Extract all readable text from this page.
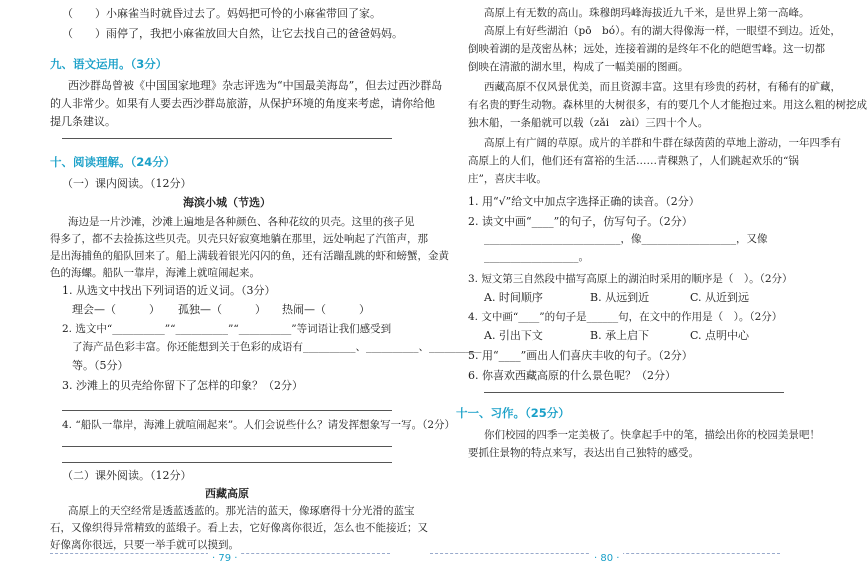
（　　）小麻雀当时就昏过去了。妈妈把可怜的小麻雀带回了家。
（　　）雨停了，我把小麻雀放回大自然，让它去找自己的爸爸妈妈。
九、语文运用。（3分）
西沙群岛曾被《中国国家地理》杂志评选为“中国最美海岛”，但去过西沙群岛
的人非常少。如果有人要去西沙群岛旅游，从保护环境的角度来考虑，请你给他
提几条建议。
十、阅读理解。（24分）
（一）课内阅读。（12分）
海滨小城（节选）
海边是一片沙滩，沙滩上遍地是各种颜色、各种花纹的贝壳。这里的孩子见
得多了，都不去捡拣这些贝壳。贝壳只好寂寞地躺在那里，远处响起了汽笛声，那
是出海捕鱼的船队回来了。船上满载着银光闪闪的鱼，还有活蹦乱跳的虾和螃蟹，金黄
色的海螺。船队一靠岸，海滩上就喧闹起来。
1. 从选文中找出下列词语的近义词。（3分）
理会—（　　　） 孤独—（　　　） 热闹—（　　　）
2. 选文中“__________”“__________”“__________”等词语让我们感受到
了海产品色彩丰富。你还能想到关于色彩的成语有__________、__________、__________
等。（5分）
3. 沙滩上的贝壳给你留下了怎样的印象？（2分）
4. “船队一靠岸，海滩上就喧闹起来”。人们会说些什么？请发挥想象写一写。（2分）
（二）课外阅读。（12分）
西藏高原
高原上的天空经常是透蓝透蓝的。那光洁的蓝天，像琢磨得十分光滑的蓝宝
石，又像织得异常精致的蓝缎子。看上去，它好像离你很近，怎么也不能接近；又
好像离你很远，只要一举手就可以摸到。
· 79 ·
高原上有无数的高山。珠穆朗玛峰海拔近九千米，是世界上第一高峰。
高原上有好些湖泊（pō　bó）。有的湖大得像海一样，一眼望不到边。近处，
倒映着湖的是茂密丛林；远处，连接着湖的是终年不化的皑皑雪峰。这一切都
倒映在清澈的湖水里，构成了一幅美丽的图画。
西藏高原不仅风景优美，而且资源丰富。这里有珍贵的药材，有稀有的矿藏，
有名贵的野生动物。森林里的大树很多，有的要几个人才能抱过来。用这么粗的树挖成
独木船，一条船就可以载（zǎi　zài）三四十个人。
高原上有广阔的草原。成片的羊群和牛群在绿茵茵的草地上游动，一年四季有
高原上的人们，他们还有富裕的生活……青稞熟了，人们跳起欢乐的“锅
庄”，喜庆丰收。
1. 用“√”给文中加点字选择正确的读音。（2分）
2. 读文中画“____”的句子，仿写句子。（2分）
__________________________，像__________________，又像
__________________。
3. 短文第三自然段中描写高原上的湖泊时采用的顺序是（　）。（2分）
A. 时间顺序	B. 从远到近	C. 从近到远
4. 文中画“____”的句子是______句，在文中的作用是（　）。（2分）
A. 引出下文	B. 承上启下	C. 点明中心
5. 用“____”画出人们喜庆丰收的句子。（2分）
6. 你喜欢西藏高原的什么景色呢？（2分）
十一、习作。（25分）
你们校园的四季一定美极了。快拿起手中的笔，描绘出你的校园美景吧！
要抓住景物的特点来写，表达出自己独特的感受。
· 80 ·
